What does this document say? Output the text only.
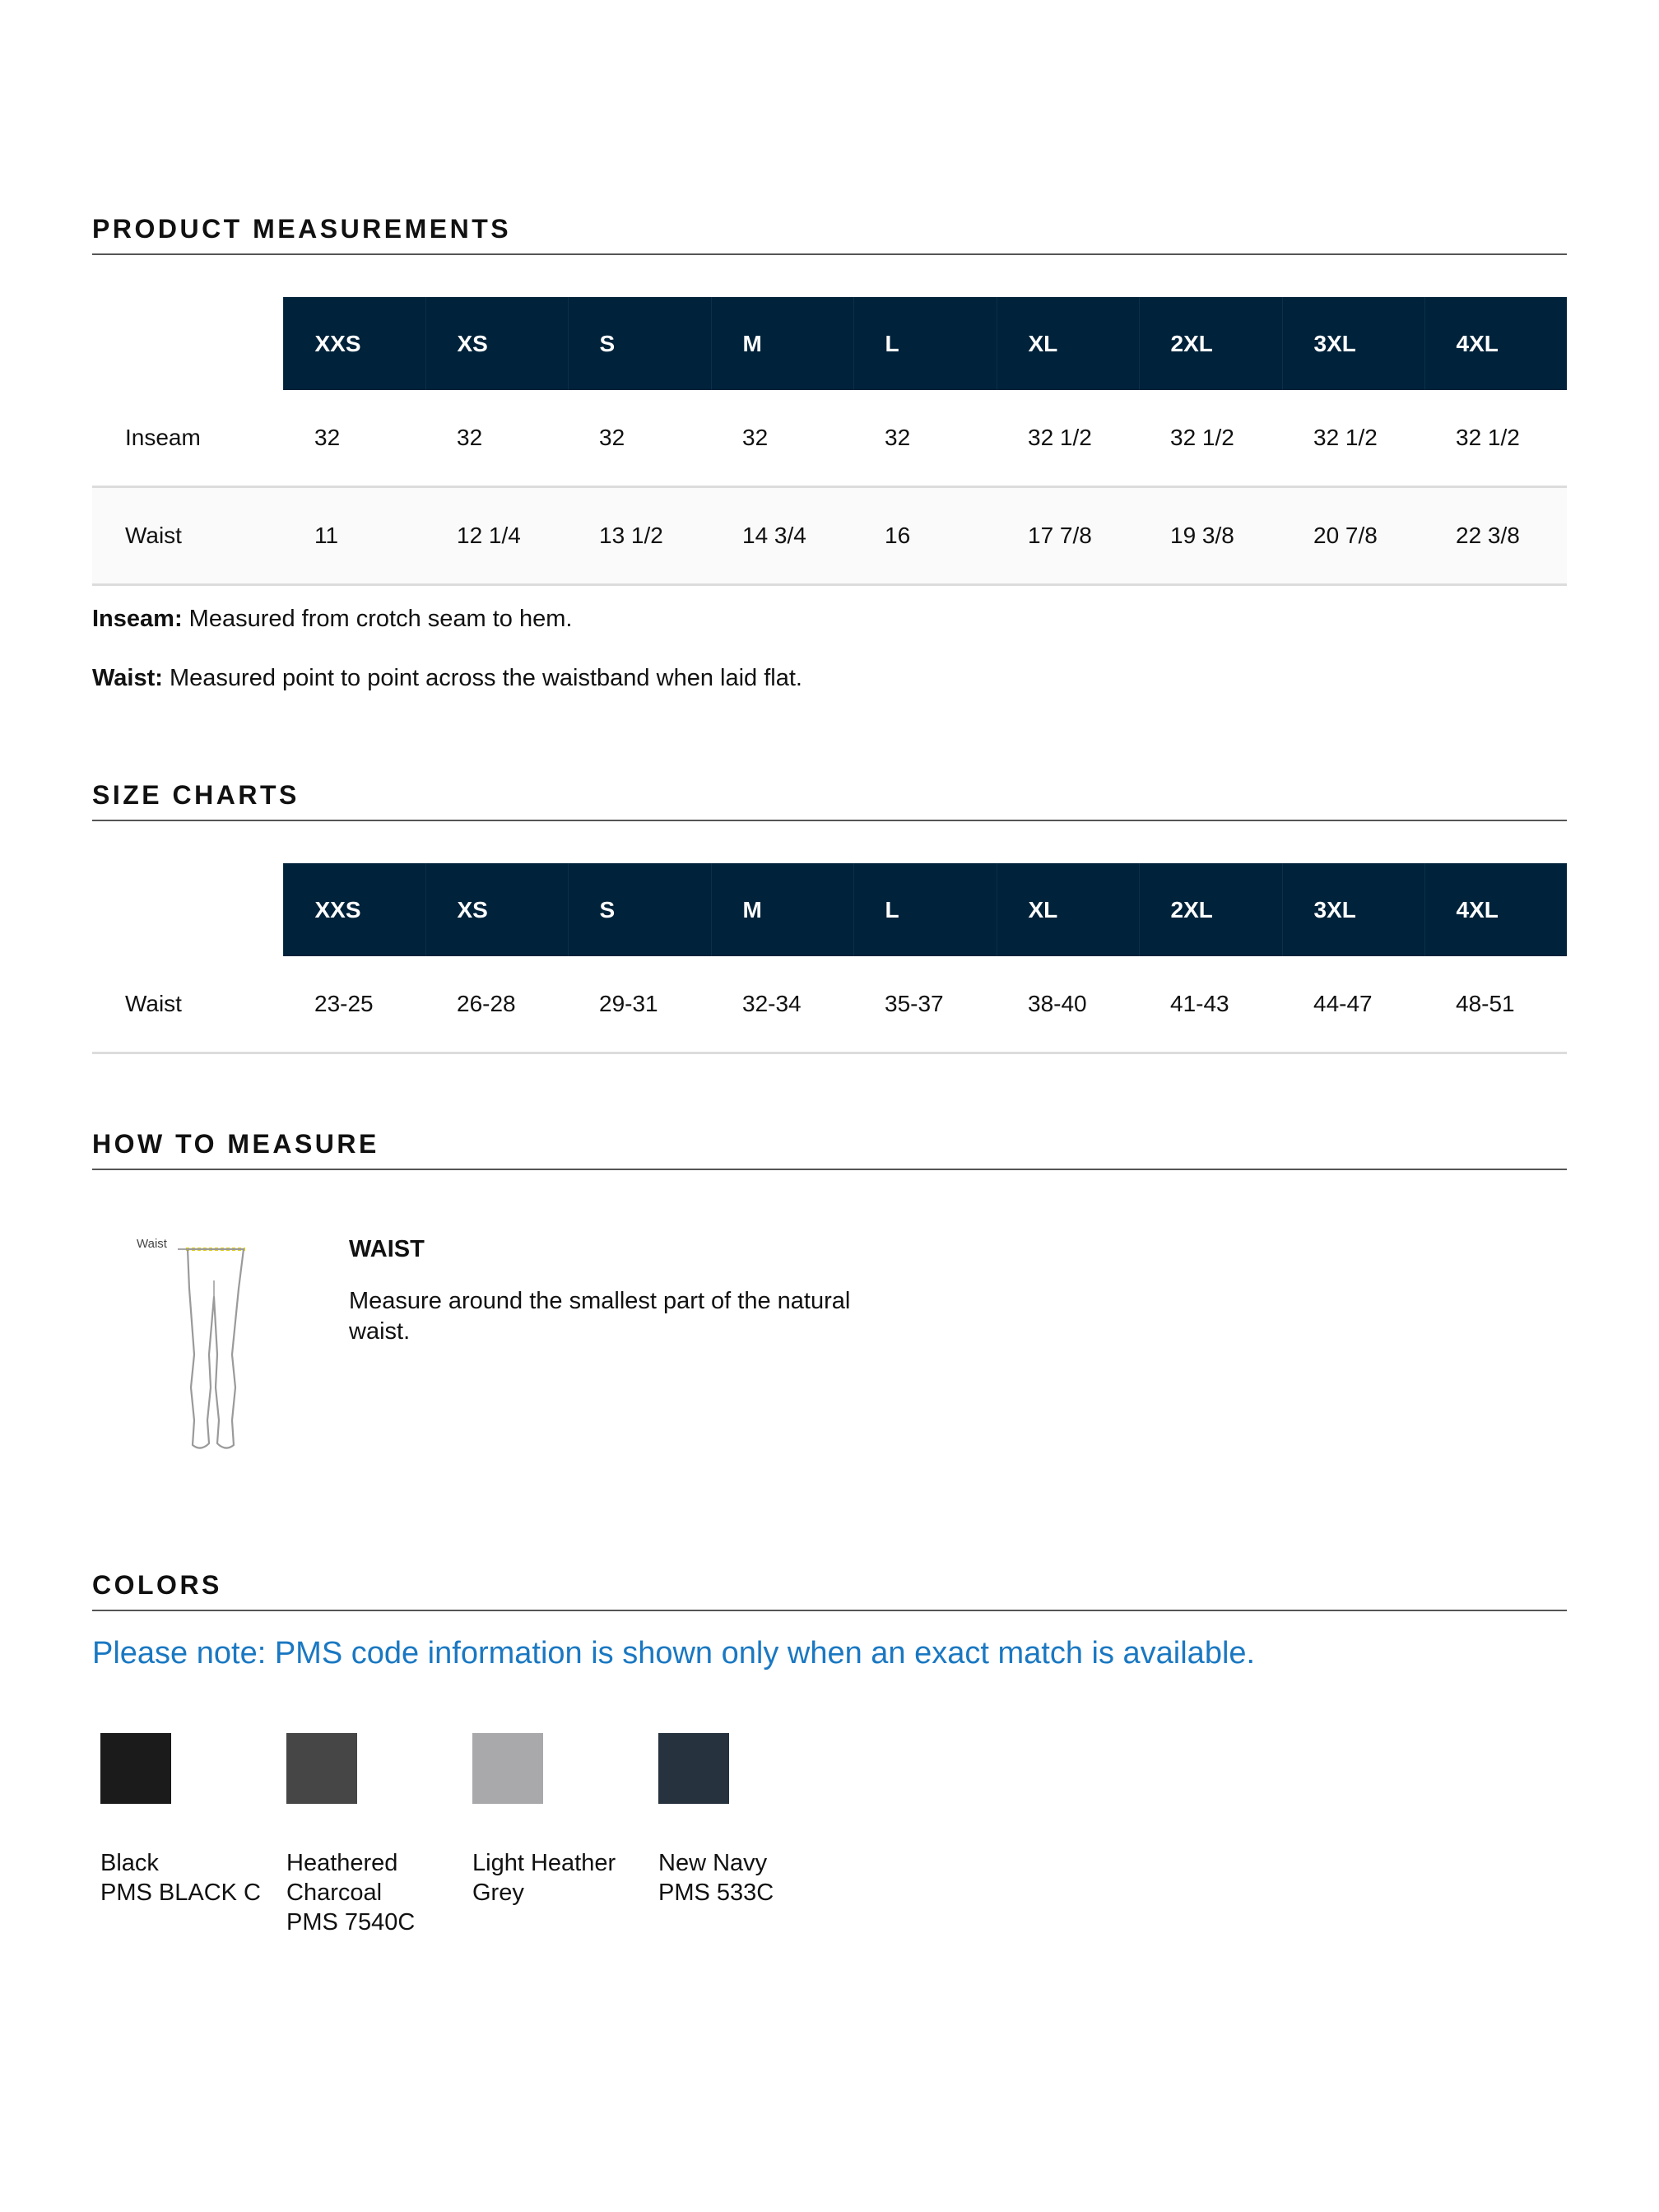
PRODUCT MEASUREMENTS
	XXS	XS	S	M	L	XL	2XL	3XL	4XL
Inseam	32	32	32	32	32	32 1/2	32 1/2	32 1/2	32 1/2
Waist	11	12 1/4	13 1/2	14 3/4	16	17 7/8	19 3/8	20 7/8	22 3/8

Inseam: Measured from crotch seam to hem.

Waist: Measured point to point across the waistband when laid flat.

SIZE CHARTS
	XXS	XS	S	M	L	XL	2XL	3XL	4XL
Waist	23-25	26-28	29-31	32-34	35-37	38-40	41-43	44-47	48-51
HOW TO MEASURE
Waist	WAIST

Measure around the smallest part of the natural waist.

COLORS

Please note: PMS code information is shown only when an exact match is available.

Black
PMS BLACK C
Heathered Charcoal
PMS 7540C
Light Heather Grey
New Navy
PMS 533C
